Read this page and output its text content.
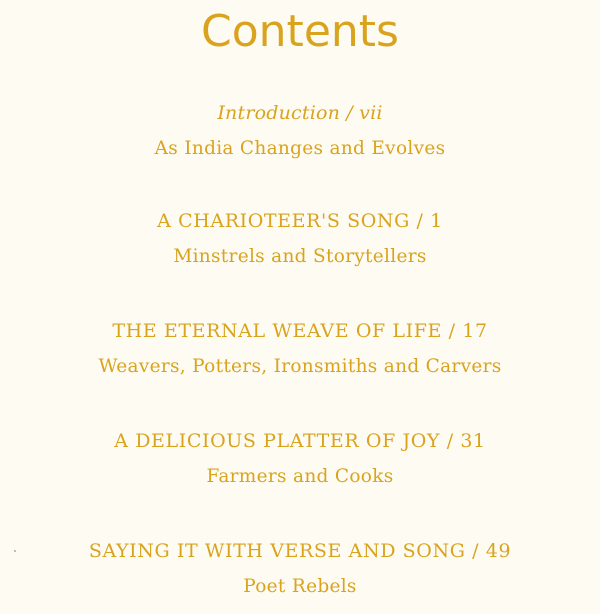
Contents
Introduction / vii
As India Changes and Evolves
A CHARIOTEER'S SONG / 1
Minstrels and Storytellers
THE ETERNAL WEAVE OF LIFE / 17
Weavers, Potters, Ironsmiths and Carvers
A DELICIOUS PLATTER OF JOY / 31
Farmers and Cooks
SAYING IT WITH VERSE AND SONG / 49
Poet Rebels
